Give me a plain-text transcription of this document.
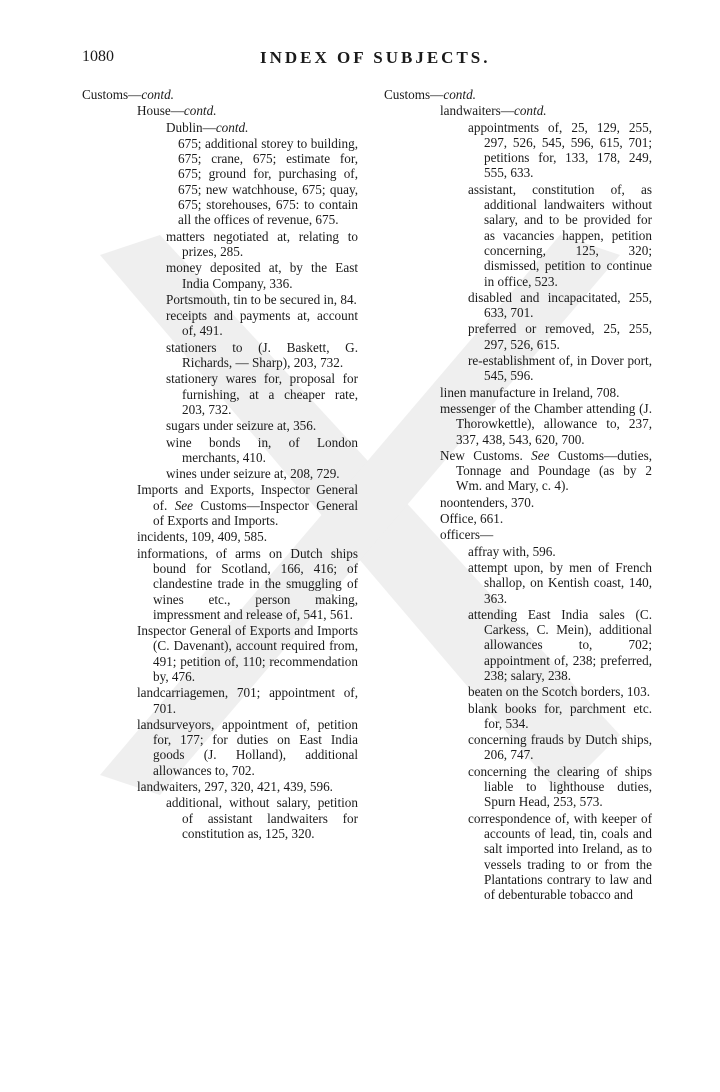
1080	INDEX OF SUBJECTS.
Customs—contd.
House—contd.
Dublin—contd.
675; additional storey to building, 675; crane, 675; estimate for, 675; ground for, purchasing of, 675; new watchhouse, 675; quay, 675; storehouses, 675: to contain all the offices of revenue, 675.
matters negotiated at, relating to prizes, 285.
money deposited at, by the East India Company, 336.
Portsmouth, tin to be secured in, 84.
receipts and payments at, account of, 491.
stationers to (J. Baskett, G. Richards, — Sharp), 203, 732.
stationery wares for, proposal for furnishing, at a cheaper rate, 203, 732.
sugars under seizure at, 356.
wine bonds in, of London merchants, 410.
wines under seizure at, 208, 729.
Imports and Exports, Inspector General of. See Customs—Inspector General of Exports and Imports.
incidents, 109, 409, 585.
informations, of arms on Dutch ships bound for Scotland, 166, 416; of clandestine trade in the smuggling of wines etc., person making, impressment and release of, 541, 561.
Inspector General of Exports and Imports (C. Davenant), account required from, 491; petition of, 110; recommendation by, 476.
landcarriagemen, 701; appointment of, 701.
landsurveyors, appointment of, petition for, 177; for duties on East India goods (J. Holland), additional allowances to, 702.
landwaiters, 297, 320, 421, 439, 596.
additional, without salary, petition of assistant landwaiters for constitution as, 125, 320.
Customs—contd.
landwaiters—contd.
appointments of, 25, 129, 255, 297, 526, 545, 596, 615, 701; petitions for, 133, 178, 249, 555, 633.
assistant, constitution of, as additional landwaiters without salary, and to be provided for as vacancies happen, petition concerning, 125, 320; dismissed, petition to continue in office, 523.
disabled and incapacitated, 255, 633, 701.
preferred or removed, 25, 255, 297, 526, 615.
re-establishment of, in Dover port, 545, 596.
linen manufacture in Ireland, 708.
messenger of the Chamber attending (J. Thorowkettle), allowance to, 237, 337, 438, 543, 620, 700.
New Customs. See Customs—duties, Tonnage and Poundage (as by 2 Wm. and Mary, c. 4).
noontenders, 370.
Office, 661.
officers—
affray with, 596.
attempt upon, by men of French shallop, on Kentish coast, 140, 363.
attending East India sales (C. Carkess, C. Mein), additional allowances to, 702; appointment of, 238; preferred, 238; salary, 238.
beaten on the Scotch borders, 103.
blank books for, parchment etc. for, 534.
concerning frauds by Dutch ships, 206, 747.
concerning the clearing of ships liable to lighthouse duties, Spurn Head, 253, 573.
correspondence of, with keeper of accounts of lead, tin, coals and salt imported into Ireland, as to vessels trading to or from the Plantations contrary to law and of debenturable tobacco and
